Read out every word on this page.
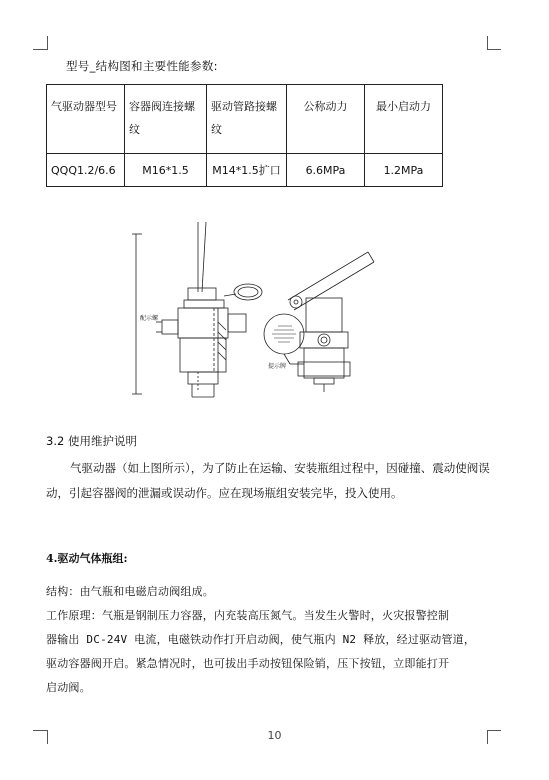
型号_结构图和主要性能参数:
气驱动器型号	容器阀连接螺纹	驱动管路接螺纹	公称动力	最小启动力
QQQ1.2/6.6	M16*1.5	M14*1.5扩口	6.6MPa	1.2MPa
提示牌
配示螺
3.2 使用维护说明
气驱动器（如上图所示），为了防止在运输、安装瓶组过程中，因碰撞、震动使阀误动，引起容器阀的泄漏或误动作。应在现场瓶组安装完毕，投入使用。
4.驱动气体瓶组:
结构：由气瓶和电磁启动阀组成。
工作原理：气瓶是钢制压力容器，内充装高压氮气。当发生火警时，火灾报警控制
器输出 DC-24V 电流，电磁铁动作打开启动阀，使气瓶内 N2 释放，经过驱动管道，
驱动容器阀开启。紧急情况时，也可拔出手动按钮保险销，压下按钮，立即能打开
启动阀。
10
